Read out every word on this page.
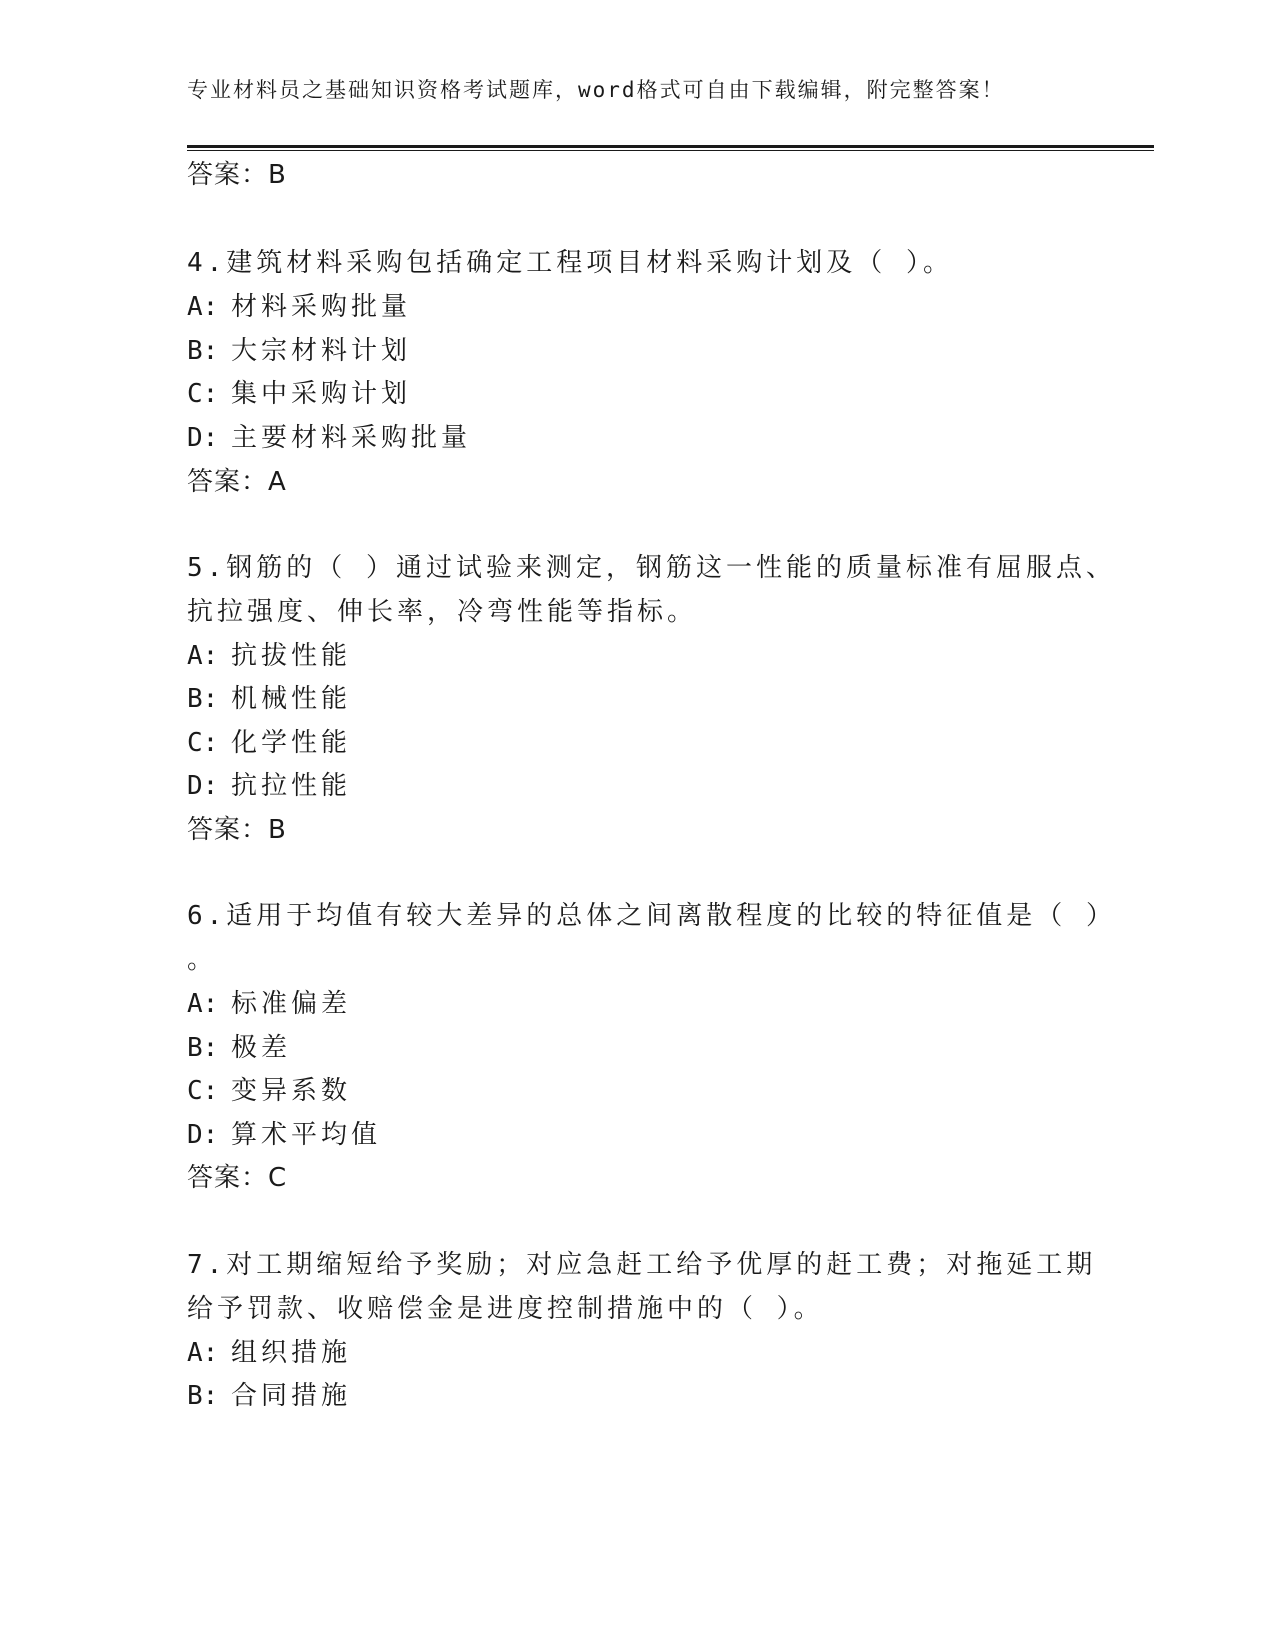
专业材料员之基础知识资格考试题库，word格式可自由下载编辑，附完整答案！
答案：B
4.建筑材料采购包括确定工程项目材料采购计划及（ ）。
A: 材料采购批量
B: 大宗材料计划
C: 集中采购计划
D: 主要材料采购批量
答案：A
5.钢筋的（ ）通过试验来测定，钢筋这一性能的质量标准有屈服点、
抗拉强度、伸长率，冷弯性能等指标。
A: 抗拔性能
B: 机械性能
C: 化学性能
D: 抗拉性能
答案：B
6.适用于均值有较大差异的总体之间离散程度的比较的特征值是（ ）
。
A: 标准偏差
B: 极差
C: 变异系数
D: 算术平均值
答案：C
7.对工期缩短给予奖励；对应急赶工给予优厚的赶工费；对拖延工期
给予罚款、收赔偿金是进度控制措施中的（ ）。
A: 组织措施
B: 合同措施
